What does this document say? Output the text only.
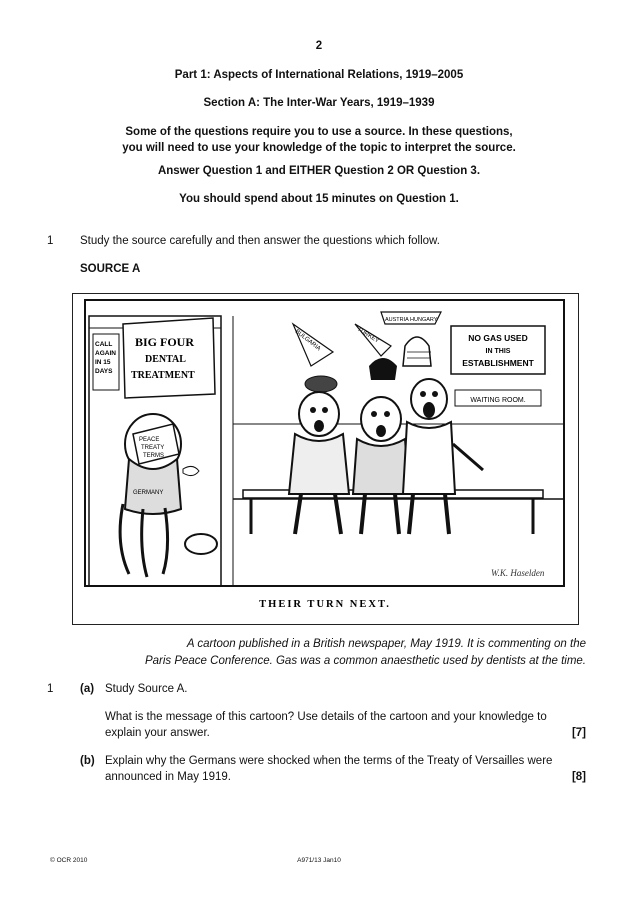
2
Part 1: Aspects of International Relations, 1919–2005
Section A: The Inter-War Years, 1919–1939
Some of the questions require you to use a source. In these questions,
you will need to use your knowledge of the topic to interpret the source.
Answer Question 1 and EITHER Question 2 OR Question 3.
You should spend about 15 minutes on Question 1.
1 Study the source carefully and then answer the questions which follow.
SOURCE A
CALL
AGAIN
IN 15
DAYS
BIG FOUR
DENTAL
TREATMENT
PEACE
TREATY
TERMS
GERMANY
BULGARIA	TURKEY
AUSTRIA HUNGARY
NO GAS USED
IN THIS
ESTABLISHMENT
WAITING ROOM.
W.K. Haselden
THEIR TURN NEXT.
A cartoon published in a British newspaper, May 1919. It is commenting on the
Paris Peace Conference. Gas was a common anaesthetic used by dentists at the time.
1 (a) Study Source A.
What is the message of this cartoon? Use details of the cartoon and your knowledge to
explain your answer.	[7]
(b) Explain why the Germans were shocked when the terms of the Treaty of Versailles were
announced in May 1919.	[8]
© OCR 2010	A971/13 Jan10
